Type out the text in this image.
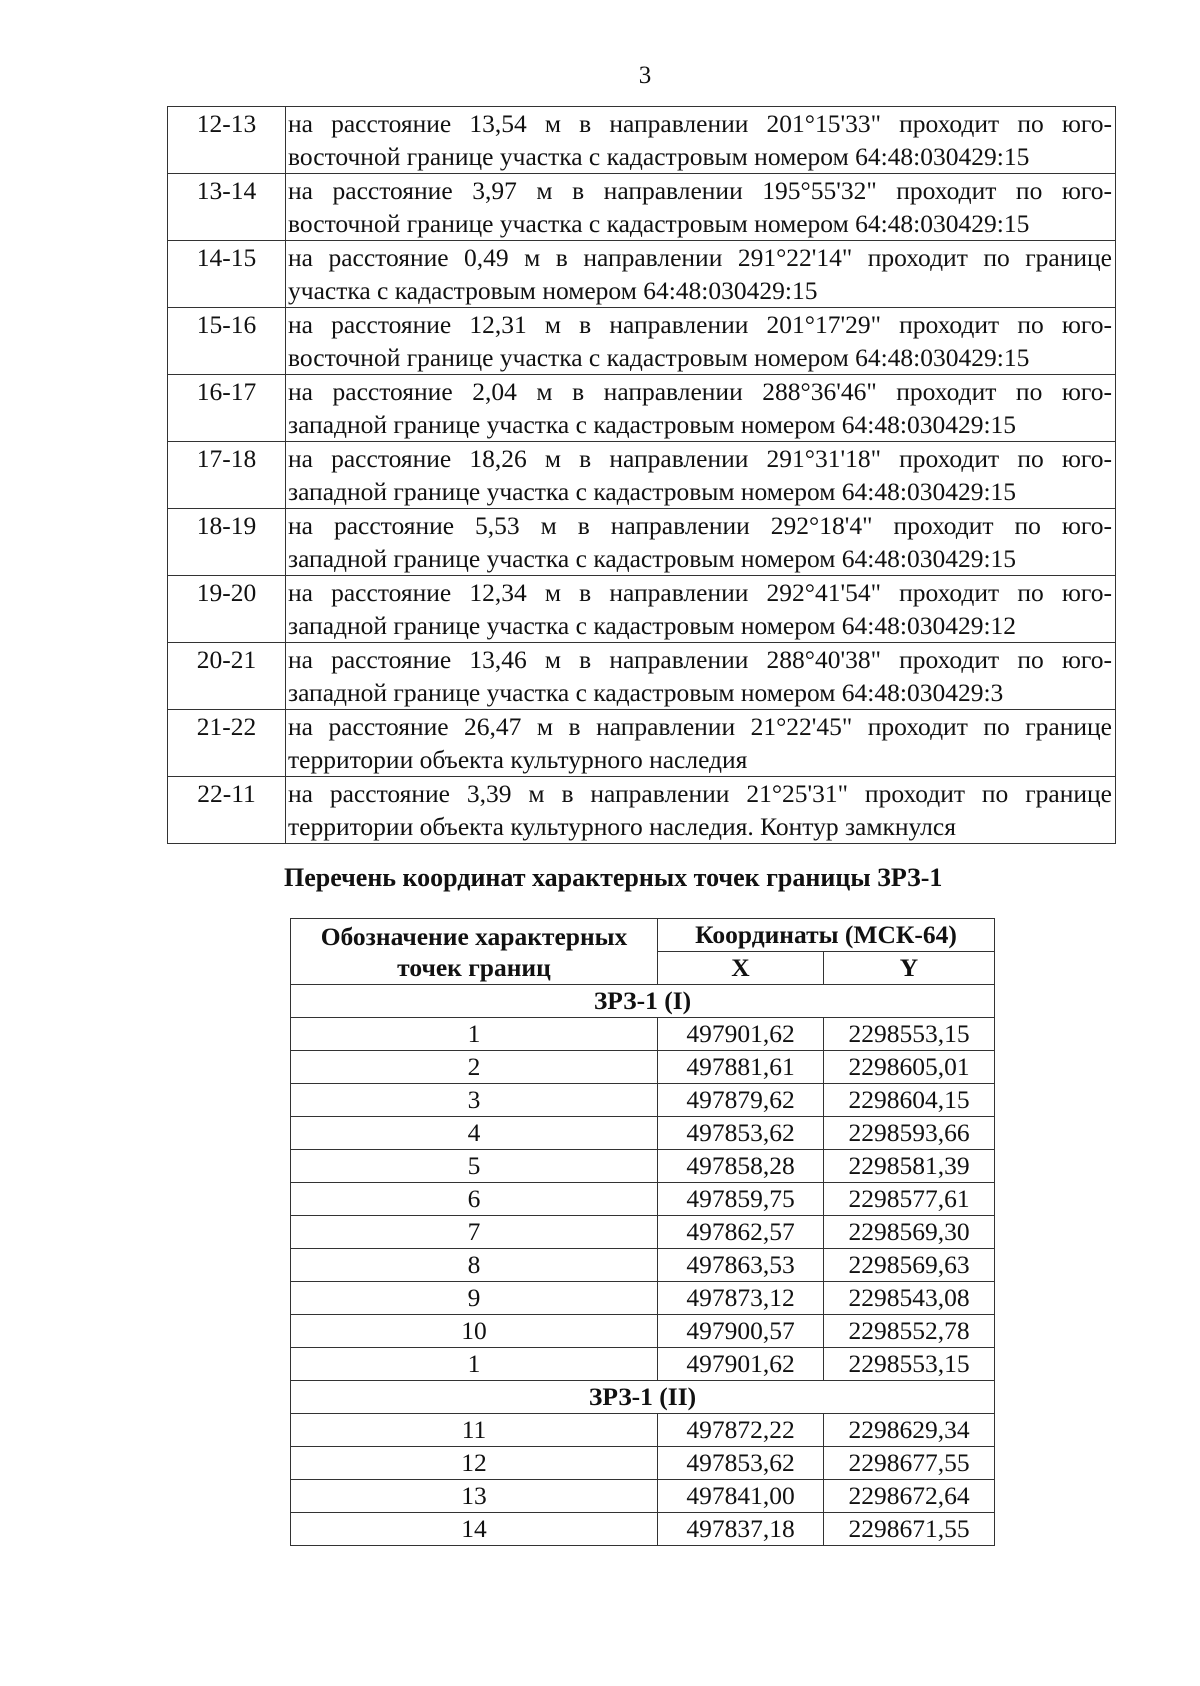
3
12-13	на расстояние 13,54 м в направлении 201°15'33" проходит по юго-
восточной границе участка с кадастровым номером 64:48:030429:15

13-14	на расстояние 3,97 м в направлении 195°55'32" проходит по юго-
восточной границе участка с кадастровым номером 64:48:030429:15

14-15	на расстояние 0,49 м в направлении 291°22'14" проходит по границе
участка с кадастровым номером 64:48:030429:15

15-16	на расстояние 12,31 м в направлении 201°17'29" проходит по юго-
восточной границе участка с кадастровым номером 64:48:030429:15

16-17	на расстояние 2,04 м в направлении 288°36'46" проходит по юго-
западной границе участка с кадастровым номером 64:48:030429:15

17-18	на расстояние 18,26 м в направлении 291°31'18" проходит по юго-
западной границе участка с кадастровым номером 64:48:030429:15

18-19	на расстояние 5,53 м в направлении 292°18'4" проходит по юго-
западной границе участка с кадастровым номером 64:48:030429:15

19-20	на расстояние 12,34 м в направлении 292°41'54" проходит по юго-
западной границе участка с кадастровым номером 64:48:030429:12

20-21	на расстояние 13,46 м в направлении 288°40'38" проходит по юго-
западной границе участка с кадастровым номером 64:48:030429:3

21-22	на расстояние 26,47 м в направлении 21°22'45" проходит по границе
территории объекта культурного наследия

22-11	на расстояние 3,39 м в направлении 21°25'31" проходит по границе
территории объекта культурного наследия. Контур замкнулся
Перечень координат характерных точек границы ЗРЗ-1
Обозначение характерных точек границ	Координаты (МСК-64)	
	X	Y
ЗРЗ-1 (I)		
1	497901,62	2298553,15
2	497881,61	2298605,01
3	497879,62	2298604,15
4	497853,62	2298593,66
5	497858,28	2298581,39
6	497859,75	2298577,61
7	497862,57	2298569,30
8	497863,53	2298569,63
9	497873,12	2298543,08
10	497900,57	2298552,78
1	497901,62	2298553,15
ЗРЗ-1 (II)		
11	497872,22	2298629,34
12	497853,62	2298677,55
13	497841,00	2298672,64
14	497837,18	2298671,55
